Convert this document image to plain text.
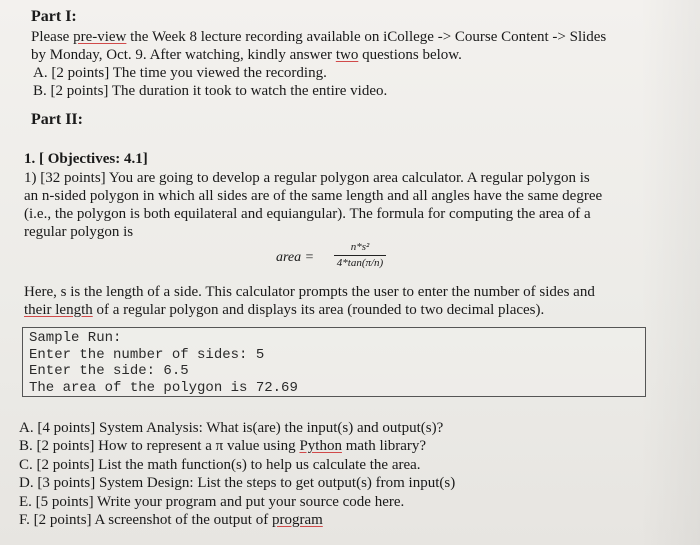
Part I:
Please pre-view the Week 8 lecture recording available on iCollege -> Course Content -> Slides
by Monday, Oct. 9. After watching, kindly answer two questions below.
A. [2 points] The time you viewed the recording.
B. [2 points] The duration it took to watch the entire video.
Part II:
1. [ Objectives: 4.1]
1) [32 points] You are going to develop a regular polygon area calculator. A regular polygon is
an n-sided polygon in which all sides are of the same length and all angles have the same degree
(i.e., the polygon is both equilateral and equiangular). The formula for computing the area of a
regular polygon is
area =
n*s²
4*tan(π/n)
Here, s is the length of a side. This calculator prompts the user to enter the number of sides and
their length of a regular polygon and displays its area (rounded to two decimal places).
Sample Run:
Enter the number of sides: 5
Enter the side: 6.5
The area of the polygon is 72.69
A. [4 points] System Analysis: What is(are) the input(s) and output(s)?
B. [2 points] How to represent a π value using Python math library?
C. [2 points] List the math function(s) to help us calculate the area.
D. [3 points] System Design: List the steps to get output(s) from input(s)
E. [5 points] Write your program and put your source code here.
F. [2 points] A screenshot of the output of program
